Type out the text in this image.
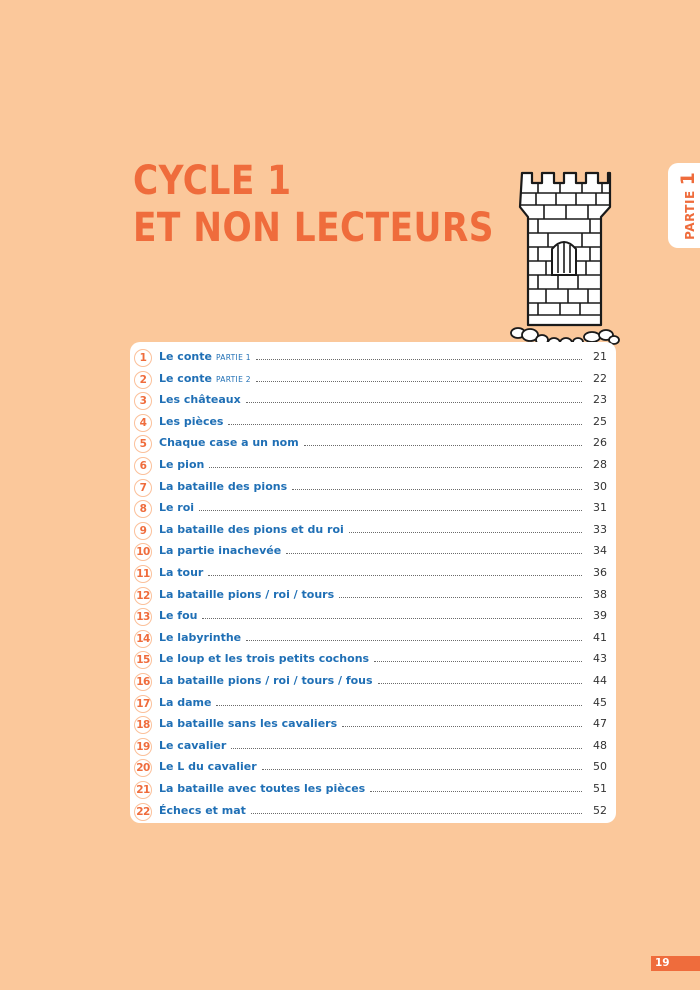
CYCLE 1
ET NON LECTEURS	PARTIE
1
1	Le conte PARTIE 1	21
2	Le conte PARTIE 2	22
3	Les châteaux	23
4	Les pièces	25
5	Chaque case a un nom	26
6	Le pion	28
7	La bataille des pions	30
8	Le roi	31
9	La bataille des pions et du roi	33
10 La partie inachevée	34
11 La tour	36
12 La bataille pions / roi / tours	38
13 Le fou	39
14 Le labyrinthe	41
15 Le loup et les trois petits cochons	43
16 La bataille pions / roi / tours / fous	44
17 La dame	45
18 La bataille sans les cavaliers	47
19 Le cavalier	48
20 Le L du cavalier	50
21 La bataille avec toutes les pièces	51
22 Échecs et mat	52
19
